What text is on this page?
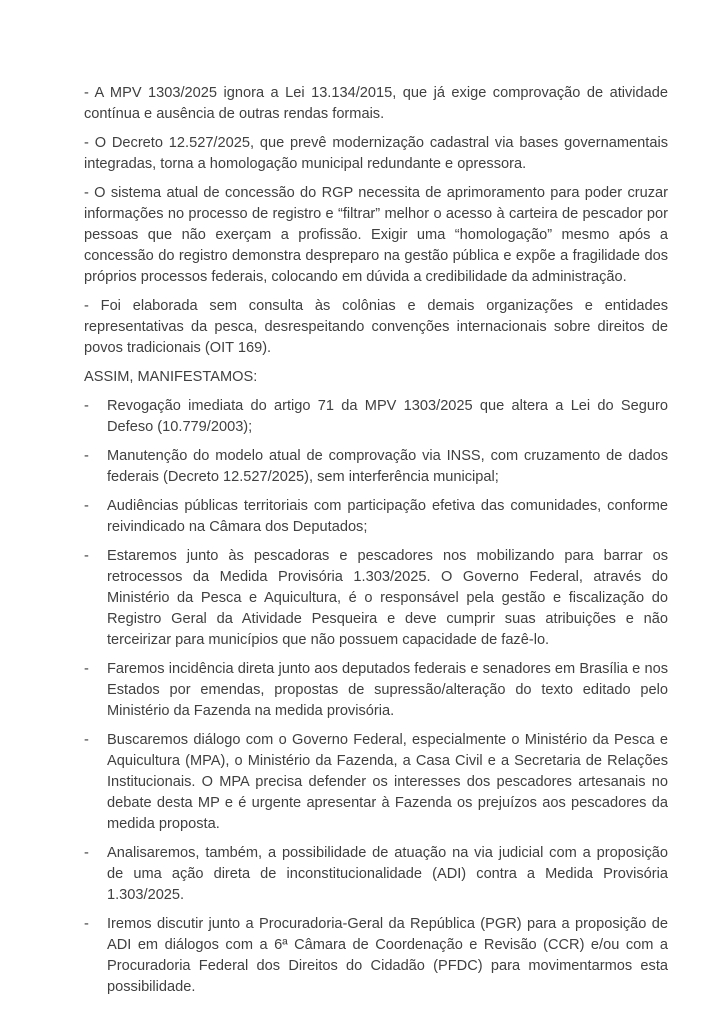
- A MPV 1303/2025 ignora a Lei 13.134/2015, que já exige comprovação de atividade contínua e ausência de outras rendas formais.

- O Decreto 12.527/2025, que prevê modernização cadastral via bases governamentais integradas, torna a homologação municipal redundante e opressora.

- O sistema atual de concessão do RGP necessita de aprimoramento para poder cruzar informações no processo de registro e “filtrar” melhor o acesso à carteira de pescador por pessoas que não exerçam a profissão. Exigir uma “homologação” mesmo após a concessão do registro demonstra despreparo na gestão pública e expõe a fragilidade dos próprios processos federais, colocando em dúvida a credibilidade da administração.

- Foi elaborada sem consulta às colônias e demais organizações e entidades representativas da pesca, desrespeitando convenções internacionais sobre direitos de povos tradicionais (OIT 169).

ASSIM, MANIFESTAMOS:

-	Revogação imediata do artigo 71 da MPV 1303/2025 que altera a Lei do Seguro Defeso (10.779/2003);
-	Manutenção do modelo atual de comprovação via INSS, com cruzamento de dados federais (Decreto 12.527/2025), sem interferência municipal;
-	Audiências públicas territoriais com participação efetiva das comunidades, conforme reivindicado na Câmara dos Deputados;
-	Estaremos junto às pescadoras e pescadores nos mobilizando para barrar os retrocessos da Medida Provisória 1.303/2025. O Governo Federal, através do Ministério da Pesca e Aquicultura, é o responsável pela gestão e fiscalização do Registro Geral da Atividade Pesqueira e deve cumprir suas atribuições e não terceirizar para municípios que não possuem capacidade de fazê-lo.
-	Faremos incidência direta junto aos deputados federais e senadores em Brasília e nos Estados por emendas, propostas de supressão/alteração do texto editado pelo Ministério da Fazenda na medida provisória.
-	Buscaremos diálogo com o Governo Federal, especialmente o Ministério da Pesca e Aquicultura (MPA), o Ministério da Fazenda, a Casa Civil e a Secretaria de Relações Institucionais. O MPA precisa defender os interesses dos pescadores artesanais no debate desta MP e é urgente apresentar à Fazenda os prejuízos aos pescadores da medida proposta.
-	Analisaremos, também, a possibilidade de atuação na via judicial com a proposição de uma ação direta de inconstitucionalidade (ADI) contra a Medida Provisória 1.303/2025.
-	Iremos discutir junto a Procuradoria-Geral da República (PGR) para a proposição de ADI em diálogos com a 6ª Câmara de Coordenação e Revisão (CCR) e/ou com a Procuradoria Federal dos Direitos do Cidadão (PFDC) para movimentarmos esta possibilidade.
